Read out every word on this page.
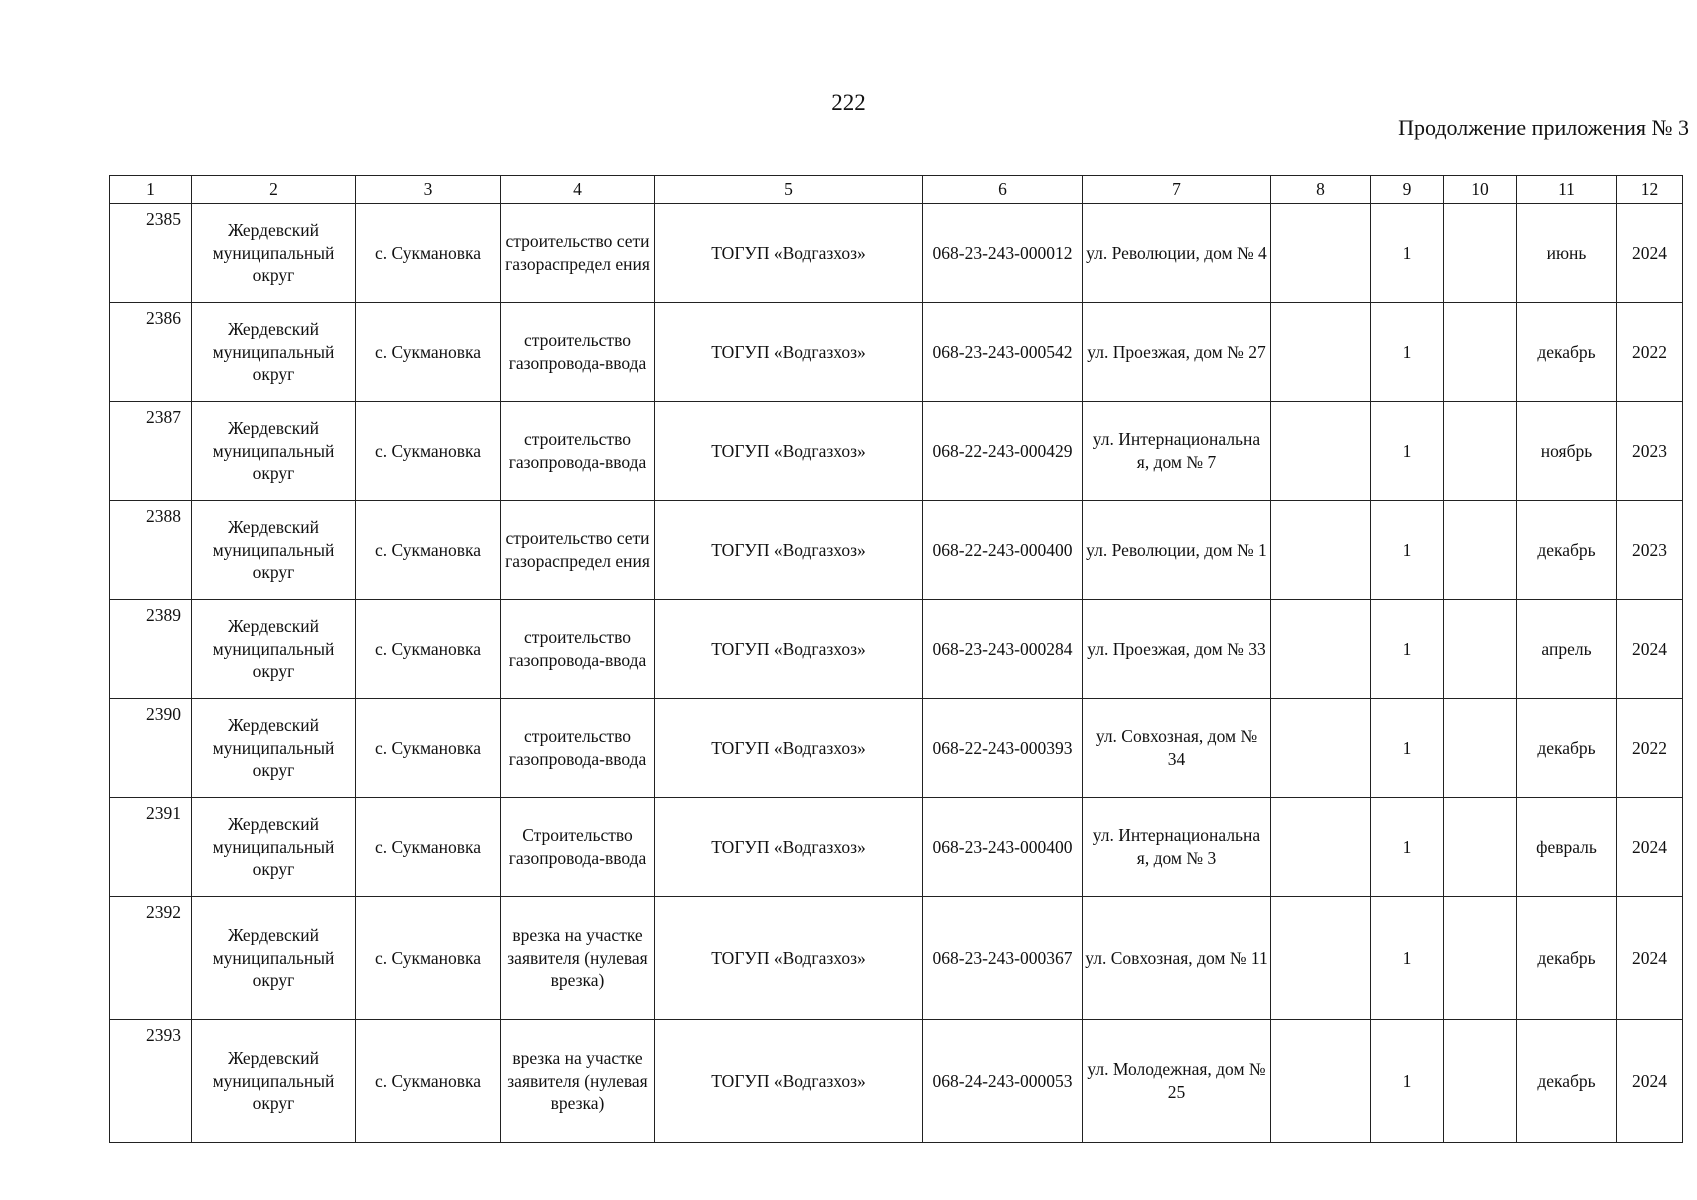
222
Продолжение приложения № 3
1	2	3	4	5	6	7	8	9	10	11	12
2385	Жердевский муниципальный округ	с. Сукмановка	строительство сети газораспредел ения	ТОГУП «Водгазхоз»	068-23-243-000012	ул. Революции, дом № 4		1		июнь	2024
2386	Жердевский муниципальный округ	с. Сукмановка	строительство газопровода-ввода	ТОГУП «Водгазхоз»	068-23-243-000542	ул. Проезжая, дом № 27		1		декабрь	2022
2387	Жердевский муниципальный округ	с. Сукмановка	строительство газопровода-ввода	ТОГУП «Водгазхоз»	068-22-243-000429	ул. Интернациональна я, дом № 7		1		ноябрь	2023
2388	Жердевский муниципальный округ	с. Сукмановка	строительство сети газораспредел ения	ТОГУП «Водгазхоз»	068-22-243-000400	ул. Революции, дом № 1		1		декабрь	2023
2389	Жердевский муниципальный округ	с. Сукмановка	строительство газопровода-ввода	ТОГУП «Водгазхоз»	068-23-243-000284	ул. Проезжая, дом № 33		1		апрель	2024
2390	Жердевский муниципальный округ	с. Сукмановка	строительство газопровода-ввода	ТОГУП «Водгазхоз»	068-22-243-000393	ул. Совхозная, дом № 34		1		декабрь	2022
2391	Жердевский муниципальный округ	с. Сукмановка	Строительство газопровода-ввода	ТОГУП «Водгазхоз»	068-23-243-000400	ул. Интернациональна я, дом № 3		1		февраль	2024
2392	Жердевский муниципальный округ	с. Сукмановка	врезка на участке заявителя (нулевая врезка)	ТОГУП «Водгазхоз»	068-23-243-000367	ул. Совхозная, дом № 11		1		декабрь	2024
2393	Жердевский муниципальный округ	с. Сукмановка	врезка на участке заявителя (нулевая врезка)	ТОГУП «Водгазхоз»	068-24-243-000053	ул. Молодежная, дом № 25		1		декабрь	2024
